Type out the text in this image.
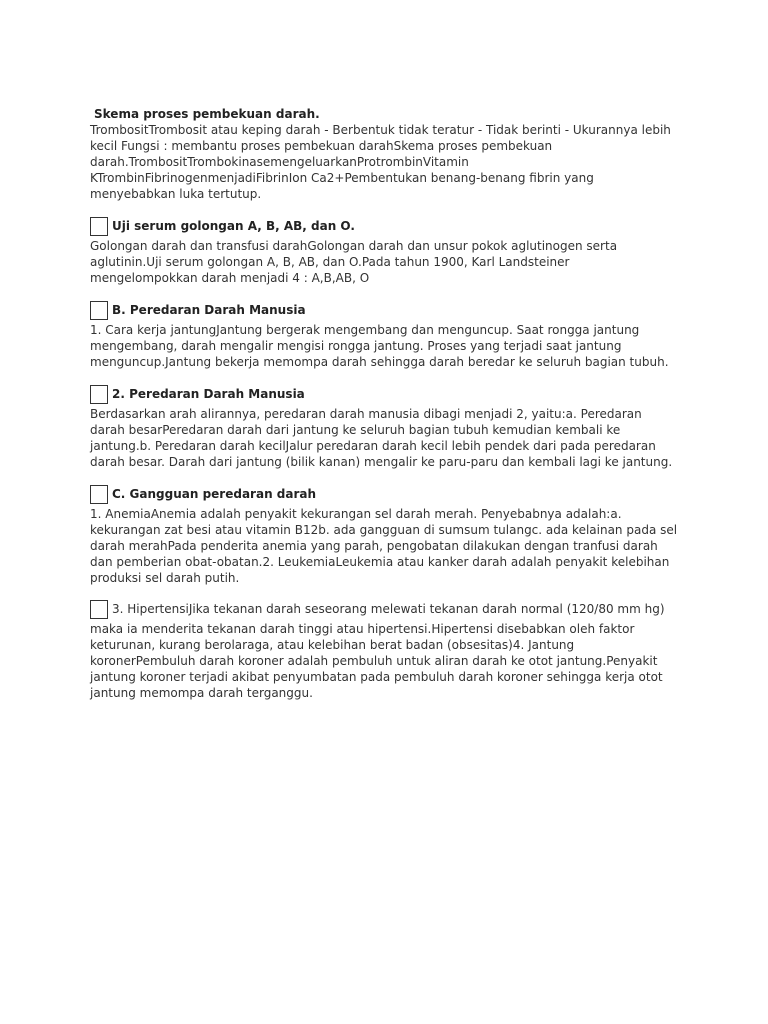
Skema proses pembekuan darah.

TrombositTrombosit atau keping darah - Berbentuk tidak teratur - Tidak berinti - Ukurannya lebih kecil Fungsi : membantu proses pembekuan darahSkema proses pembekuan darah.TrombositTrombokinasemengeluarkanProtrombinVitamin KTrombinFibrinogenmenjadiFibrinIon Ca2+Pembentukan benang-benang fibrin yang menyebabkan luka tertutup.

Uji serum golongan A, B, AB, dan O.

Golongan darah dan transfusi darahGolongan darah dan unsur pokok aglutinogen serta aglutinin.Uji serum golongan A, B, AB, dan O.Pada tahun 1900, Karl Landsteiner mengelompokkan darah menjadi 4 : A,B,AB, O

B. Peredaran Darah Manusia

1. Cara kerja jantungJantung bergerak mengembang dan menguncup. Saat rongga jantung mengembang, darah mengalir mengisi rongga jantung. Proses yang terjadi saat jantung menguncup.Jantung bekerja memompa darah sehingga darah beredar ke seluruh bagian tubuh.

2. Peredaran Darah Manusia

Berdasarkan arah alirannya, peredaran darah manusia dibagi menjadi 2, yaitu:a. Peredaran darah besarPeredaran darah dari jantung ke seluruh bagian tubuh kemudian kembali ke jantung.b. Peredaran darah kecilJalur peredaran darah kecil lebih pendek dari pada peredaran darah besar. Darah dari jantung (bilik kanan) mengalir ke paru-paru dan kembali lagi ke jantung.

C. Gangguan peredaran darah

1. AnemiaAnemia adalah penyakit kekurangan sel darah merah. Penyebabnya adalah:a. kekurangan zat besi atau vitamin B12b. ada gangguan di sumsum tulangc. ada kelainan pada sel darah merahPada penderita anemia yang parah, pengobatan dilakukan dengan tranfusi darah dan pemberian obat-obatan.2. LeukemiaLeukemia atau kanker darah adalah penyakit kelebihan produksi sel darah putih.

3. HipertensiJika tekanan darah seseorang melewati tekanan darah normal (120/80 mm hg)

maka ia menderita tekanan darah tinggi atau hipertensi.Hipertensi disebabkan oleh faktor keturunan, kurang berolaraga, atau kelebihan berat badan (obsesitas)4. Jantung koronerPembuluh darah koroner adalah pembuluh untuk aliran darah ke otot jantung.Penyakit jantung koroner terjadi akibat penyumbatan pada pembuluh darah koroner sehingga kerja otot jantung memompa darah terganggu.
